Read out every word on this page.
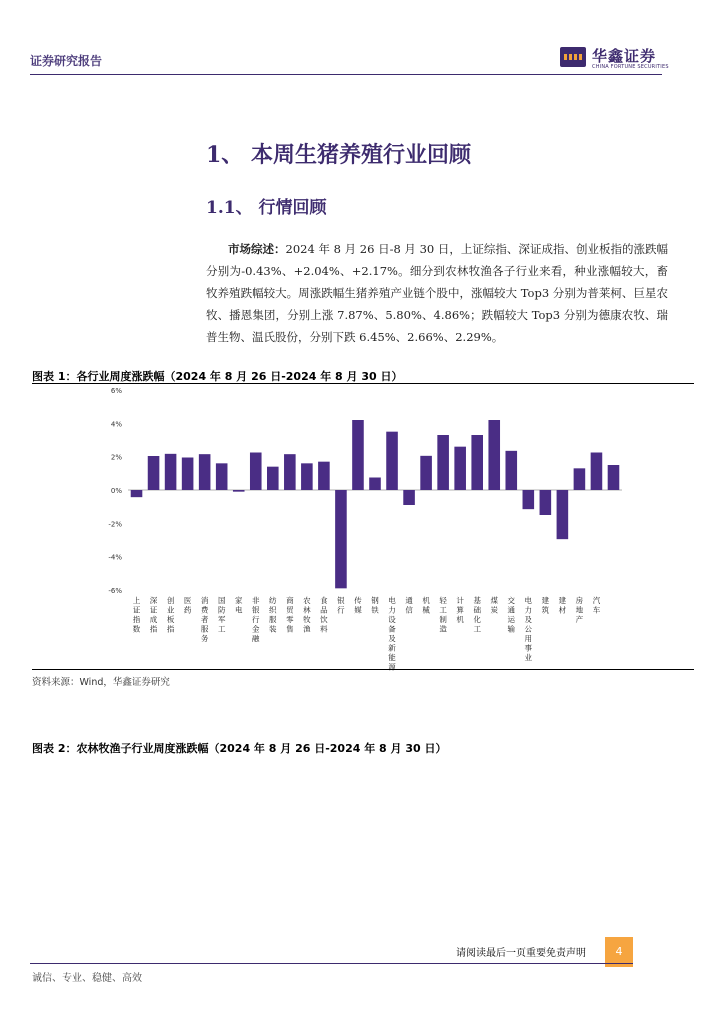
证券研究报告	华鑫证券
CHINA FORTUNE SECURITIES
1、 本周生猪养殖行业回顾
1.1、 行情回顾
市场综述：2024 年 8 月 26 日-8 月 30 日，上证综指、深证成指、创业板指的涨跌幅分别为-0.43%、+2.04%、+2.17%。细分到农林牧渔各子行业来看，种业涨幅较大，畜牧养殖跌幅较大。周涨跌幅生猪养殖产业链个股中，涨幅较大 Top3 分别为普莱柯、巨星农牧、播恩集团，分别上涨 7.87%、5.80%、4.86%；跌幅较大 Top3 分别为德康农牧、瑞普生物、温氏股份，分别下跌 6.45%、2.66%、2.29%。
图表 1：各行业周度涨跌幅（2024 年 8 月 26 日-2024 年 8 月 30 日）
6%
4%
2%
0%
-2%
-4%
-6%
上证指数
深证成指
创业板指
医药
消费者服务
国防军工
家电
非银行金融
纺织服装
商贸零售
农林牧渔
食品饮料
银行
传媒
钢铁
电力设备及新能源
通信
机械
轻工制造
计算机
基础化工
煤炭
交通运输
电力及公用事业
建筑
建材
房地产
汽车
资料来源：Wind，华鑫证券研究
图表 2：农林牧渔子行业周度涨跌幅（2024 年 8 月 26 日-2024 年 8 月 30 日）
请阅读最后一页重要免责声明	4
诚信、专业、稳健、高效
